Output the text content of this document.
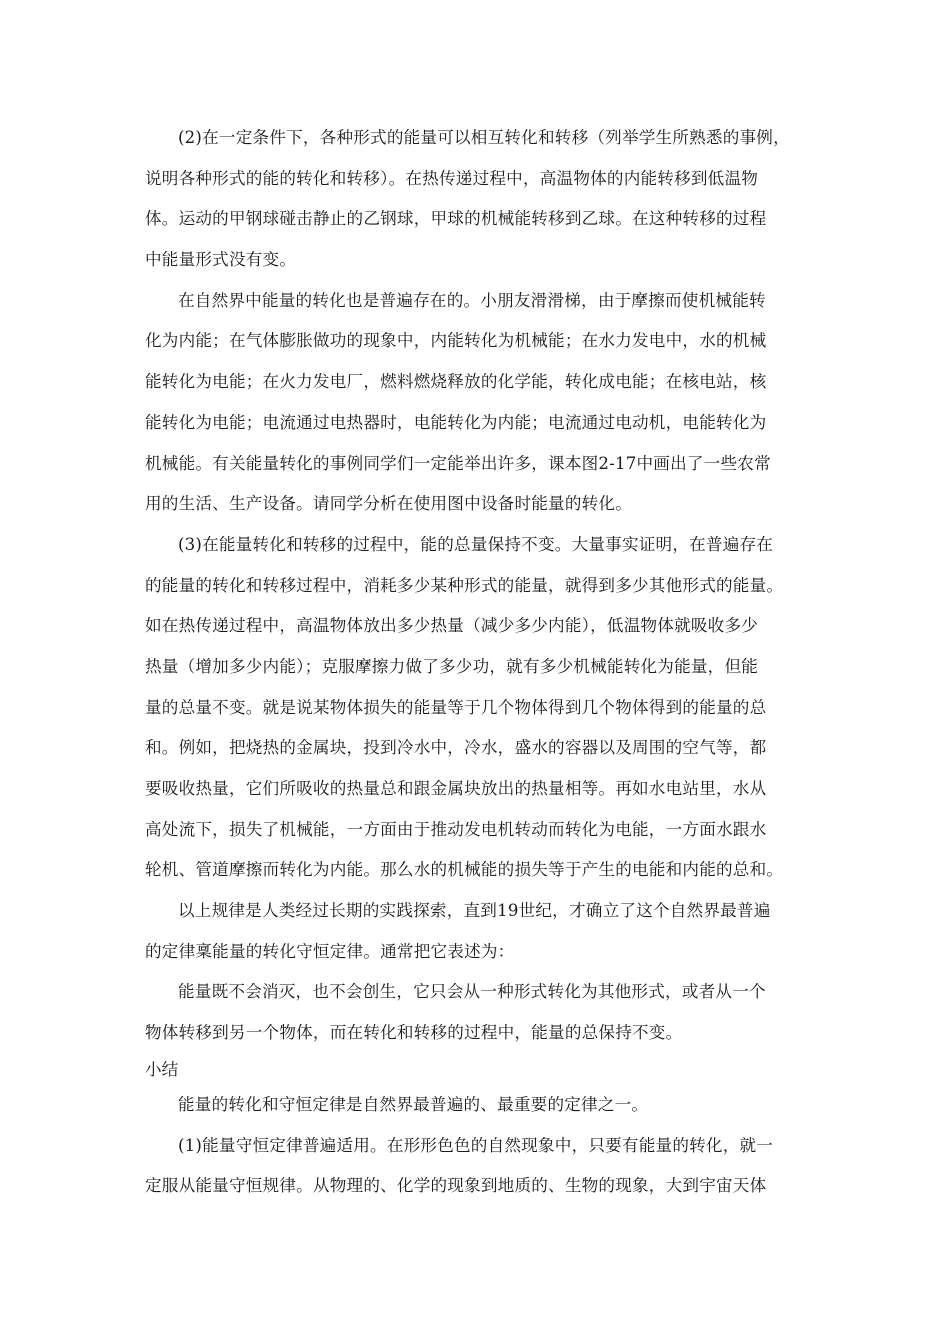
(2)在一定条件下，各种形式的能量可以相互转化和转移（列举学生所熟悉的事例，
说明各种形式的能的转化和转移）。在热传递过程中，高温物体的内能转移到低温物
体。运动的甲钢球碰击静止的乙钢球，甲球的机械能转移到乙球。在这种转移的过程
中能量形式没有变。
在自然界中能量的转化也是普遍存在的。小朋友滑滑梯，由于摩擦而使机械能转
化为内能；在气体膨胀做功的现象中，内能转化为机械能；在水力发电中，水的机械
能转化为电能；在火力发电厂，燃料燃烧释放的化学能，转化成电能；在核电站，核
能转化为电能；电流通过电热器时，电能转化为内能；电流通过电动机，电能转化为
机械能。有关能量转化的事例同学们一定能举出许多，课本图2-17中画出了一些农常
用的生活、生产设备。请同学分析在使用图中设备时能量的转化。
(3)在能量转化和转移的过程中，能的总量保持不变。大量事实证明，在普遍存在
的能量的转化和转移过程中，消耗多少某种形式的能量，就得到多少其他形式的能量。
如在热传递过程中，高温物体放出多少热量（减少多少内能），低温物体就吸收多少
热量（增加多少内能）；克服摩擦力做了多少功，就有多少机械能转化为能量，但能
量的总量不变。就是说某物体损失的能量等于几个物体得到几个物体得到的能量的总
和。例如，把烧热的金属块，投到冷水中，冷水，盛水的容器以及周围的空气等，都
要吸收热量，它们所吸收的热量总和跟金属块放出的热量相等。再如水电站里，水从
高处流下，损失了机械能，一方面由于推动发电机转动而转化为电能，一方面水跟水
轮机、管道摩擦而转化为内能。那么水的机械能的损失等于产生的电能和内能的总和。
以上规律是人类经过长期的实践探索，直到19世纪，才确立了这个自然界最普遍
的定律稟能量的转化守恒定律。通常把它表述为：
能量既不会消灭，也不会创生，它只会从一种形式转化为其他形式，或者从一个
物体转移到另一个物体，而在转化和转移的过程中，能量的总保持不变。
小结
能量的转化和守恒定律是自然界最普遍的、最重要的定律之一。
(1)能量守恒定律普遍适用。在形形色色的自然现象中，只要有能量的转化，就一
定服从能量守恒规律。从物理的、化学的现象到地质的、生物的现象，大到宇宙天体
